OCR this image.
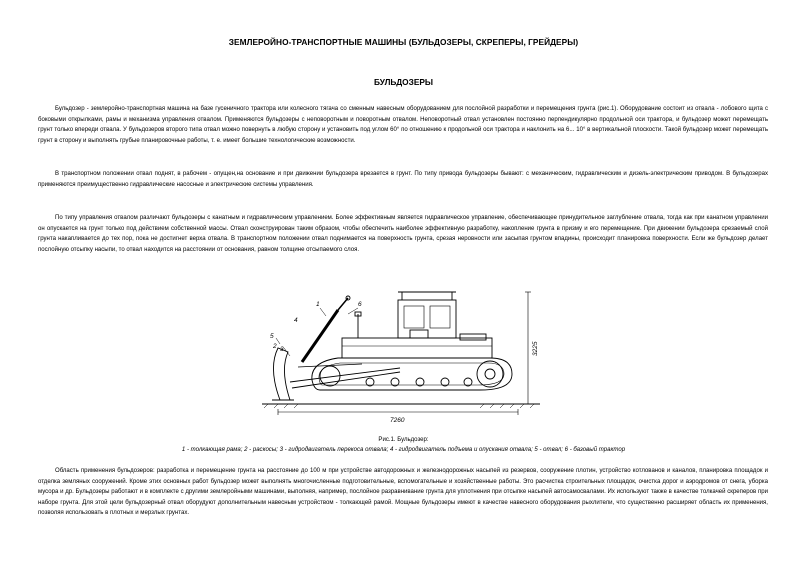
ЗЕМЛЕРОЙНО-ТРАНСПОРТНЫЕ МАШИНЫ (БУЛЬДОЗЕРЫ, СКРЕПЕРЫ, ГРЕЙДЕРЫ)
БУЛЬДОЗЕРЫ

Бульдозер - землеройно-транспортная машина на базе гусеничного трактора или колесного тягача со сменным навесным оборудованием для послойной разработки и перемещения грунта (рис.1). Оборудование состоит из отвала - лобового щита с боковыми открылками, рамы и механизма управления отвалом. Применяются бульдозеры с неповоротным и поворотным отвалом. Неповоротный отвал установлен постоянно перпендикулярно продольной оси трактора, и бульдозер может перемещать грунт только впереди отвала. У бульдозеров второго типа отвал можно повернуть в любую сторону и установить под углом 60° по отношению к продольной оси трактора и наклонить на 6... 10° в вертикальной плоскости. Такой бульдозер может перемещать грунт в сторону и выполнять грубые планировочные работы, т. е. имеет большие технологические возможности.

В транспортном положении отвал поднят, в рабочем - опущен,на основание и при движении бульдозера врезается в грунт. По типу привода бульдозеры бывают: с механическим, гидравлическим и дизель-электрическим приводом. В бульдозерах применяются преимущественно гидравлические насосные и электрические системы управления.

По типу управления отвалом различают бульдозеры с канатным и гидравлическим управлением. Более эффективным является гидравлическое управление, обеспечивающее принудительное заглубление отвала, тогда как при канатном управлении он опускается на грунт только под действием собственной массы. Отвал сконструирован таким образом, чтобы обеспечить наиболее эффективную разработку, накопление грунта в призму и его перемещение. При движении бульдозера срезаемый слой грунта накапливается до тех пор, пока не достигнет верха отвала. В транспортном положении отвал поднимается на поверхность грунта, срезая неровности или засыпая грунтом впадины, происходит планировка поверхности. Если же бульдозер делает послойную отсыпку насыпи, то отвал находится на расстоянии от основания, равном толщине отсыпаемого слоя.

1	6
5
2 3
4
7260
3225
Рис.1. Бульдозер:
1 - толкающая рама; 2 - раскосы; 3 - гидродвигатель перекоса отвала; 4 - гидродвигатель подъема и опускания отвала; 5 - отвал; 6 - базовый трактор

Область применения бульдозеров: разработка и перемещение грунта на расстояние до 100 м при устройстве автодорожных и железнодорожных насыпей из резервов, сооружение плотин, устройство котлованов и каналов, планировка площадок и отделка земляных сооружений. Кроме этих основных работ бульдозер может выполнять многочисленные подготовительные, вспомогательные и хозяйственные работы. Это расчистка строительных площадок, очистка дорог и аэродромов от снега, уборка мусора и др. Бульдозеры работают и в комплекте с другими землеройными машинами, выполняя, например, послойное разравнивание грунта для уплотнения при отсыпке насыпей автосамосвалами. Их используют также в качестве толкачей скреперов при наборе грунта. Для этой цели бульдозерный отвал оборудуют дополнительным навесным устройством - толкающей рамой. Мощные бульдозеры имеют в качестве навесного оборудования рыхлители, что существенно расширяет область их применения, позволяя использовать в плотных и мерзлых грунтах.
